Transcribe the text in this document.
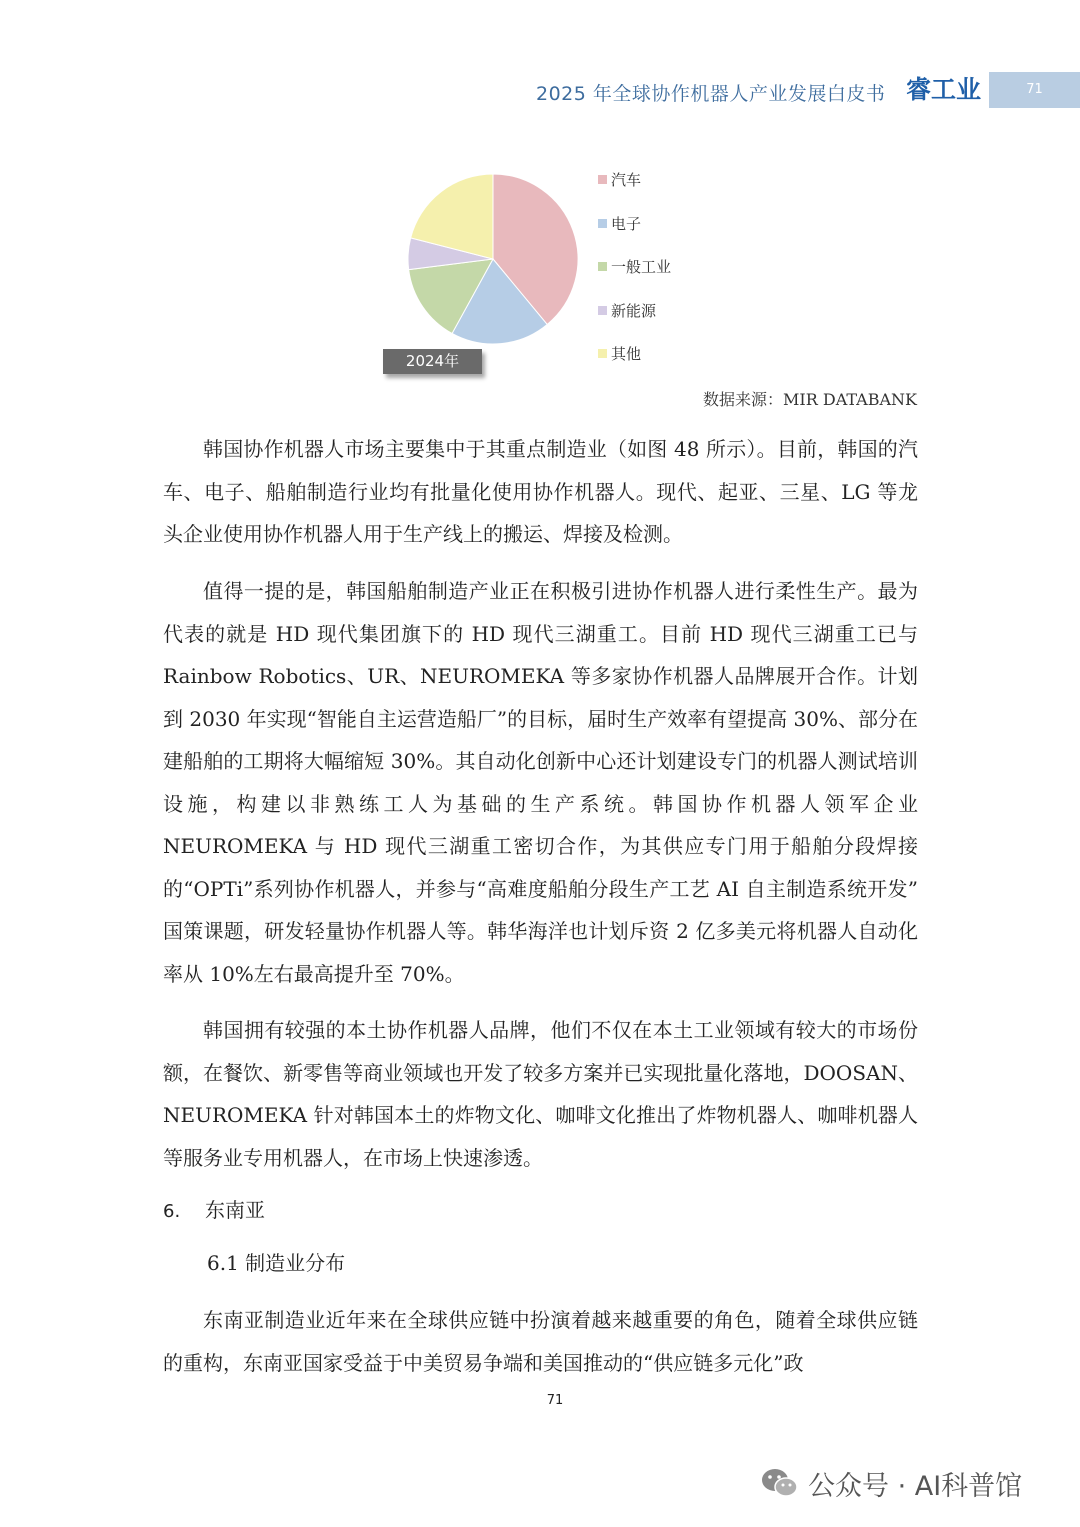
2025 年全球协作机器人产业发展白皮书 睿工业	71
2024年
汽车
电子
一般工业
新能源
其他
数据来源：MIR DATABANK

韩国协作机器人市场主要集中于其重点制造业（如图 48 所示）。目前，韩国的汽车、电子、船舶制造行业均有批量化使用协作机器人。现代、起亚、三星、LG 等龙头企业使用协作机器人用于生产线上的搬运、焊接及检测。

值得一提的是，韩国船舶制造产业正在积极引进协作机器人进行柔性生产。最为代表的就是 HD 现代集团旗下的 HD 现代三湖重工。目前 HD 现代三湖重工已与 Rainbow Robotics、UR、NEUROMEKA 等多家协作机器人品牌展开合作。计划到 2030 年实现“智能自主运营造船厂”的目标，届时生产效率有望提高 30%、部分在建船舶的工期将大幅缩短 30%。其自动化创新中心还计划建设专门的机器人测试培训设施，构建以非熟练工人为基础的生产系统。韩国协作机器人领军企业 NEUROMEKA 与 HD 现代三湖重工密切合作，为其供应专门用于船舶分段焊接的“OPTi”系列协作机器人，并参与“高难度船舶分段生产工艺 AI 自主制造系统开发” 国策课题，研发轻量协作机器人等。韩华海洋也计划斥资 2 亿多美元将机器人自动化率从 10%左右最高提升至 70%。

韩国拥有较强的本土协作机器人品牌，他们不仅在本土工业领域有较大的市场份额，在餐饮、新零售等商业领域也开发了较多方案并已实现批量化落地，DOOSAN、NEUROMEKA 针对韩国本土的炸物文化、咖啡文化推出了炸物机器人、咖啡机器人等服务业专用机器人，在市场上快速渗透。

6. 东南亚
6.1 制造业分布

东南亚制造业近年来在全球供应链中扮演着越来越重要的角色，随着全球供应链的重构，东南亚国家受益于中美贸易争端和美国推动的“供应链多元化”政

71
公众号 · AI科普馆
